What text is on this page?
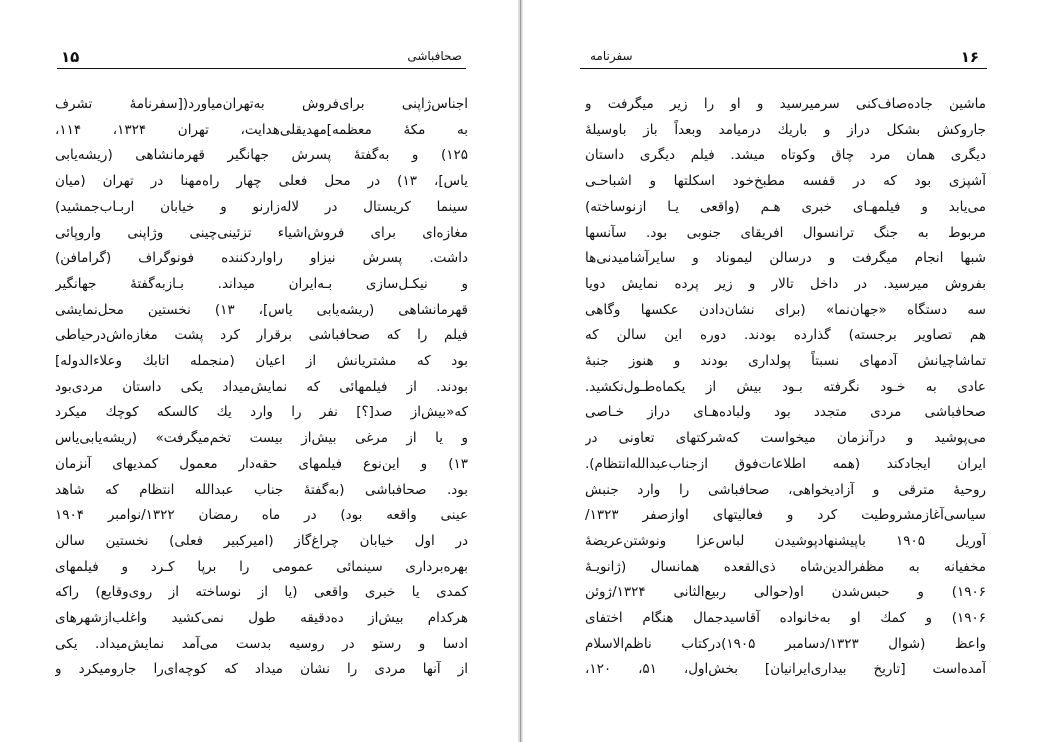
۱۵	صحافباشی
اجناس‌ژاپنی برای‌فروش به‌تهران‌میاورد([سفرنامهٔ تشرف
به مکهٔ معظمه]مهدیقلی‌هدایت، تهران ۱۳۲۴، ۱۱۴،
۱۲۵) و به‌گفتهٔ پسرش جهانگیر قهرمانشاهی (ریشه‌یابی
یاس]، ۱۳) در محل فعلی چهار راه‌مهنا در تهران (میان
سینما کریستال در لاله‌زارنو و خیابان اربـاب‌جمشید)
مغازه‌ای برای فروش‌اشیاء تزئینی‌چینی وژاپنی واروپائی
داشت. پسرش نیزاو راواردکننده فونوگراف (گرامافن)
و نیکـل‌سازی بـه‌ایران میداند. بـازبه‌گفتهٔ جهانگیر
قهرمانشاهی (ریشه‌یابی یاس]، ۱۳) نخستین محل‌نمایشی
فیلم را که صحافباشی برقرار کرد پشت مغازه‌اش‌درحیاطی
بود که مشتریانش از اعیان (منجمله اتابك وعلاءالدوله]
بودند. از فیلمهائی که نمایش‌میداد یکی داستان مردی‌بود
که«بیش‌از صد[؟] نفر را وارد یك کالسکه کوچك میکرد
و یا از مرغی بیش‌از بیست تخم‌میگرفت» (ریشه‌یابی‌یاس
۱۳) و این‌نوع فیلمهای حقه‌دار معمول کمدیهای آنزمان
بود. صحافباشی (به‌گفتهٔ جناب عبدالله انتظام که شاهد
عینی واقعه بود) در ماه رمضان ۱۳۲۲/نوامبر ۱۹۰۴
در اول خیابان چراغ‌گاز (امیرکبیر فعلی) نخستین سالن
بهره‌برداری سینمائی عمومی را برپا کـرد و فیلمهای
کمدی یا خبری واقعی (یا از نوساخته از روی‌وقایع) راکه
هرکدام بیش‌از ده‌دقیقه طول نمی‌کشید واغلب‌ازشهرهای
ادسا و رستو در روسیه بدست می‌آمد نمایش‌میداد. یکی
از آنها مردی را نشان میداد که کوچه‌ای‌را جارومیکرد و
سفرنامه	۱۶
ماشین جاده‌صاف‌کنی سرمیرسید و او را زیر میگرفت و
جاروکش بشکل دراز و باریك درمیامد وبعداً باز باوسیلهٔ
دیگری همان مرد چاق وکوتاه میشد. فیلم دیگری داستان
آشپزی بود که در قفسه مطبخ‌خود اسکلتها و اشباحـی
می‌یابد و فیلمهـای خبری هـم (واقعی یـا ازنوساخته)
مربوط به جنگ ترانسوال افریقای جنوبی بود. سآنسها
شبها انجام میگرفت و درسالن لیموناد و سایرآشامیدنی‌ها
بفروش میرسید. در داخل تالار و زیر پرده نمایش دویا
سه دستگاه «جهان‌نما» (برای نشان‌دادن عکسها وگاهی
هم تصاویر برجسته) گذارده بودند. دوره این سالن که
تماشاچیانش آدمهای نسبتاً پولداری بودند و هنوز جنبهٔ
عادی به خـود نگرفته بـود بیش از یکماه‌طـول‌نکشید.
صحافباشی مردی متجدد بود ولباده‌هـای دراز خـاصی
می‌پوشید و درآنزمان میخواست که‌شرکتهای تعاونی در
ایران ایجادکند (همه اطلاعات‌فوق ازجناب‌عبدالله‌انتظام).
روحیهٔ مترقی و آزادیخواهی، صحافباشی را وارد جنبش
سیاسی‌آغازمشروطیت کرد و فعالیتهای اوازصفر ۱۳۲۳/
آوریل ۱۹۰۵ باپیشنهادپوشیدن لباس‌عزا ونوشتن‌عریضهٔ
مخفیانه به مظفرالدین‌شاه ذی‌القعده همانسال (ژانویـهٔ
۱۹۰۶) و حبس‌شدن او(حوالی ربیع‌الثانی ۱۳۲۴/ژوئن
۱۹۰۶) و کمك او به‌خانواده آقاسیدجمال هنگام اختفای
واعظ (شوال ۱۳۲۳/دسامبر ۱۹۰۵)درکتاب ناظم‌الاسلام
آمده‌است [تاریخ بیداری‌ایرانیان] بخش‌اول، ۵۱، ۱۲۰،
